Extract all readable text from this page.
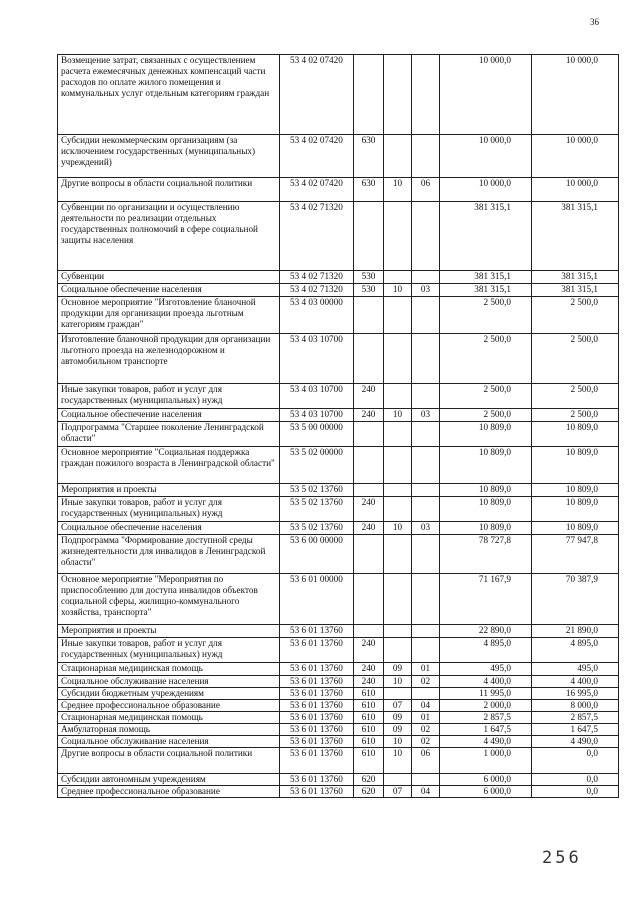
36
Возмещение затрат, связанных с осуществлением расчета ежемесячных денежных компенсаций части расходов по оплате жилого помещения и коммунальных услуг отдельным категориям граждан	53 4 02 07420				10 000,0	10 000,0
Субсидии некоммерческим организациям (за исключением государственных (муниципальных) учреждений)	53 4 02 07420	630			10 000,0	10 000,0
Другие вопросы в области социальной политики	53 4 02 07420	630	10	06	10 000,0	10 000,0
Субвенции по организации и осуществлению деятельности по реализации отдельных государственных полномочий в сфере социальной защиты населения	53 4 02 71320				381 315,1	381 315,1
Субвенции	53 4 02 71320	530			381 315,1	381 315,1
Социальное обеспечение населения	53 4 02 71320	530	10	03	381 315,1	381 315,1
Основное мероприятие "Изготовление бланочной продукции для организации проезда льготным категориям граждан"	53 4 03 00000				2 500,0	2 500,0
Изготовление бланочной продукции для организации льготного проезда на железнодорожном и автомобильном транспорте	53 4 03 10700				2 500,0	2 500,0
Иные закупки товаров, работ и услуг для государственных (муниципальных) нужд	53 4 03 10700	240			2 500,0	2 500,0
Социальное обеспечение населения	53 4 03 10700	240	10	03	2 500,0	2 500,0
Подпрограмма "Старшее поколение Ленинградской области"	53 5 00 00000				10 809,0	10 809,0
Основное мероприятие "Социальная поддержка граждан пожилого возраста в Ленинградской области"	53 5 02 00000				10 809,0	10 809,0
Мероприятия и проекты	53 5 02 13760				10 809,0	10 809,0
Иные закупки товаров, работ и услуг для государственных (муниципальных) нужд	53 5 02 13760	240			10 809,0	10 809,0
Социальное обеспечение населения	53 5 02 13760	240	10	03	10 809,0	10 809,0
Подпрограмма "Формирование доступной среды жизнедеятельности для инвалидов в Ленинградской области"	53 6 00 00000				78 727,8	77 947,8
Основное мероприятие "Мероприятия по приспособлению для доступа инвалидов объектов социальной сферы, жилищно-коммунального хозяйства, транспорта"	53 6 01 00000				71 167,9	70 387,9
Мероприятия и проекты	53 6 01 13760				22 890,0	21 890,0
Иные закупки товаров, работ и услуг для государственных (муниципальных) нужд	53 6 01 13760	240			4 895,0	4 895,0
Стационарная медицинская помощь	53 6 01 13760	240	09	01	495,0	495,0
Социальное обслуживание населения	53 6 01 13760	240	10	02	4 400,0	4 400,0
Субсидии бюджетным учреждениям	53 6 01 13760	610			11 995,0	16 995,0
Среднее профессиональное образование	53 6 01 13760	610	07	04	2 000,0	8 000,0
Стационарная медицинская помощь	53 6 01 13760	610	09	01	2 857,5	2 857,5
Амбулаторная помощь	53 6 01 13760	610	09	02	1 647,5	1 647,5
Социальное обслуживание населения	53 6 01 13760	610	10	02	4 490,0	4 490,0
Другие вопросы в области социальной политики	53 6 01 13760	610	10	06	1 000,0	0,0
Субсидии автономным учреждениям	53 6 01 13760	620			6 000,0	0,0
Среднее профессиональное образование	53 6 01 13760	620	07	04	6 000,0	0,0
256
